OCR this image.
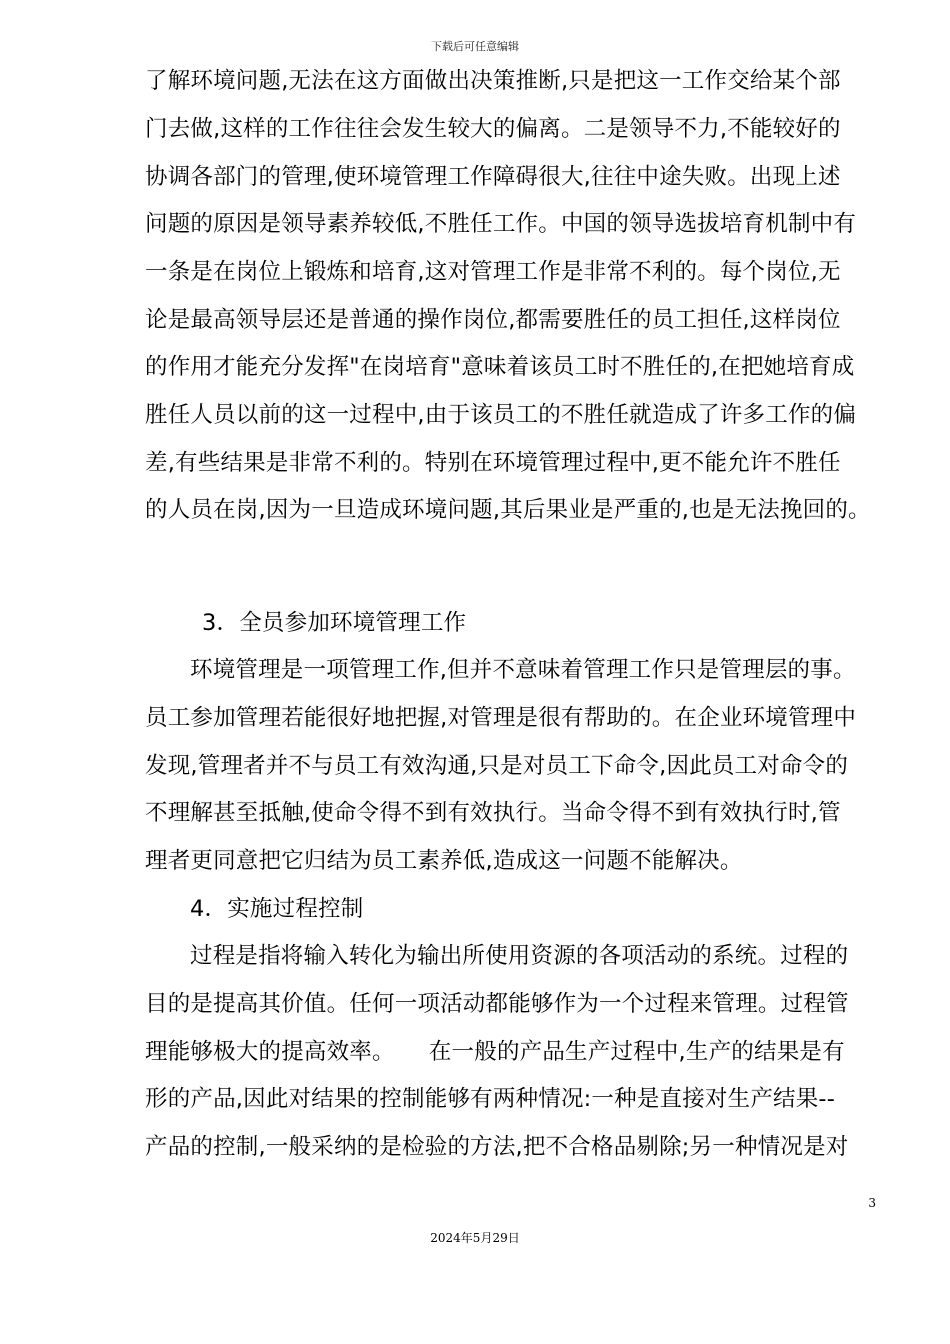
下载后可任意编辑
了解环境问题,无法在这方面做出决策推断,只是把这一工作交给某个部
门去做,这样的工作往往会发生较大的偏离。二是领导不力,不能较好的
协调各部门的管理,使环境管理工作障碍很大,往往中途失败。出现上述
问题的原因是领导素养较低,不胜任工作。中国的领导选拔培育机制中有
一条是在岗位上锻炼和培育,这对管理工作是非常不利的。每个岗位,无
论是最高领导层还是普通的操作岗位,都需要胜任的员工担任,这样岗位
的作用才能充分发挥"在岗培育"意味着该员工时不胜任的,在把她培育成
胜任人员以前的这一过程中,由于该员工的不胜任就造成了许多工作的偏
差,有些结果是非常不利的。特别在环境管理过程中,更不能允许不胜任
的人员在岗,因为一旦造成环境问题,其后果业是严重的,也是无法挽回的。
3．全员参加环境管理工作
环境管理是一项管理工作,但并不意味着管理工作只是管理层的事。
员工参加管理若能很好地把握,对管理是很有帮助的。在企业环境管理中
发现,管理者并不与员工有效沟通,只是对员工下命令,因此员工对命令的
不理解甚至抵触,使命令得不到有效执行。当命令得不到有效执行时,管
理者更同意把它归结为员工素养低,造成这一问题不能解决。
4．实施过程控制
过程是指将输入转化为输出所使用资源的各项活动的系统。过程的
目的是提高其价值。任何一项活动都能够作为一个过程来管理。过程管
理能够极大的提高效率。　　在一般的产品生产过程中,生产的结果是有
形的产品,因此对结果的控制能够有两种情况:一种是直接对生产结果--
产品的控制,一般采纳的是检验的方法,把不合格品剔除;另一种情况是对
3
2024年5月29日
